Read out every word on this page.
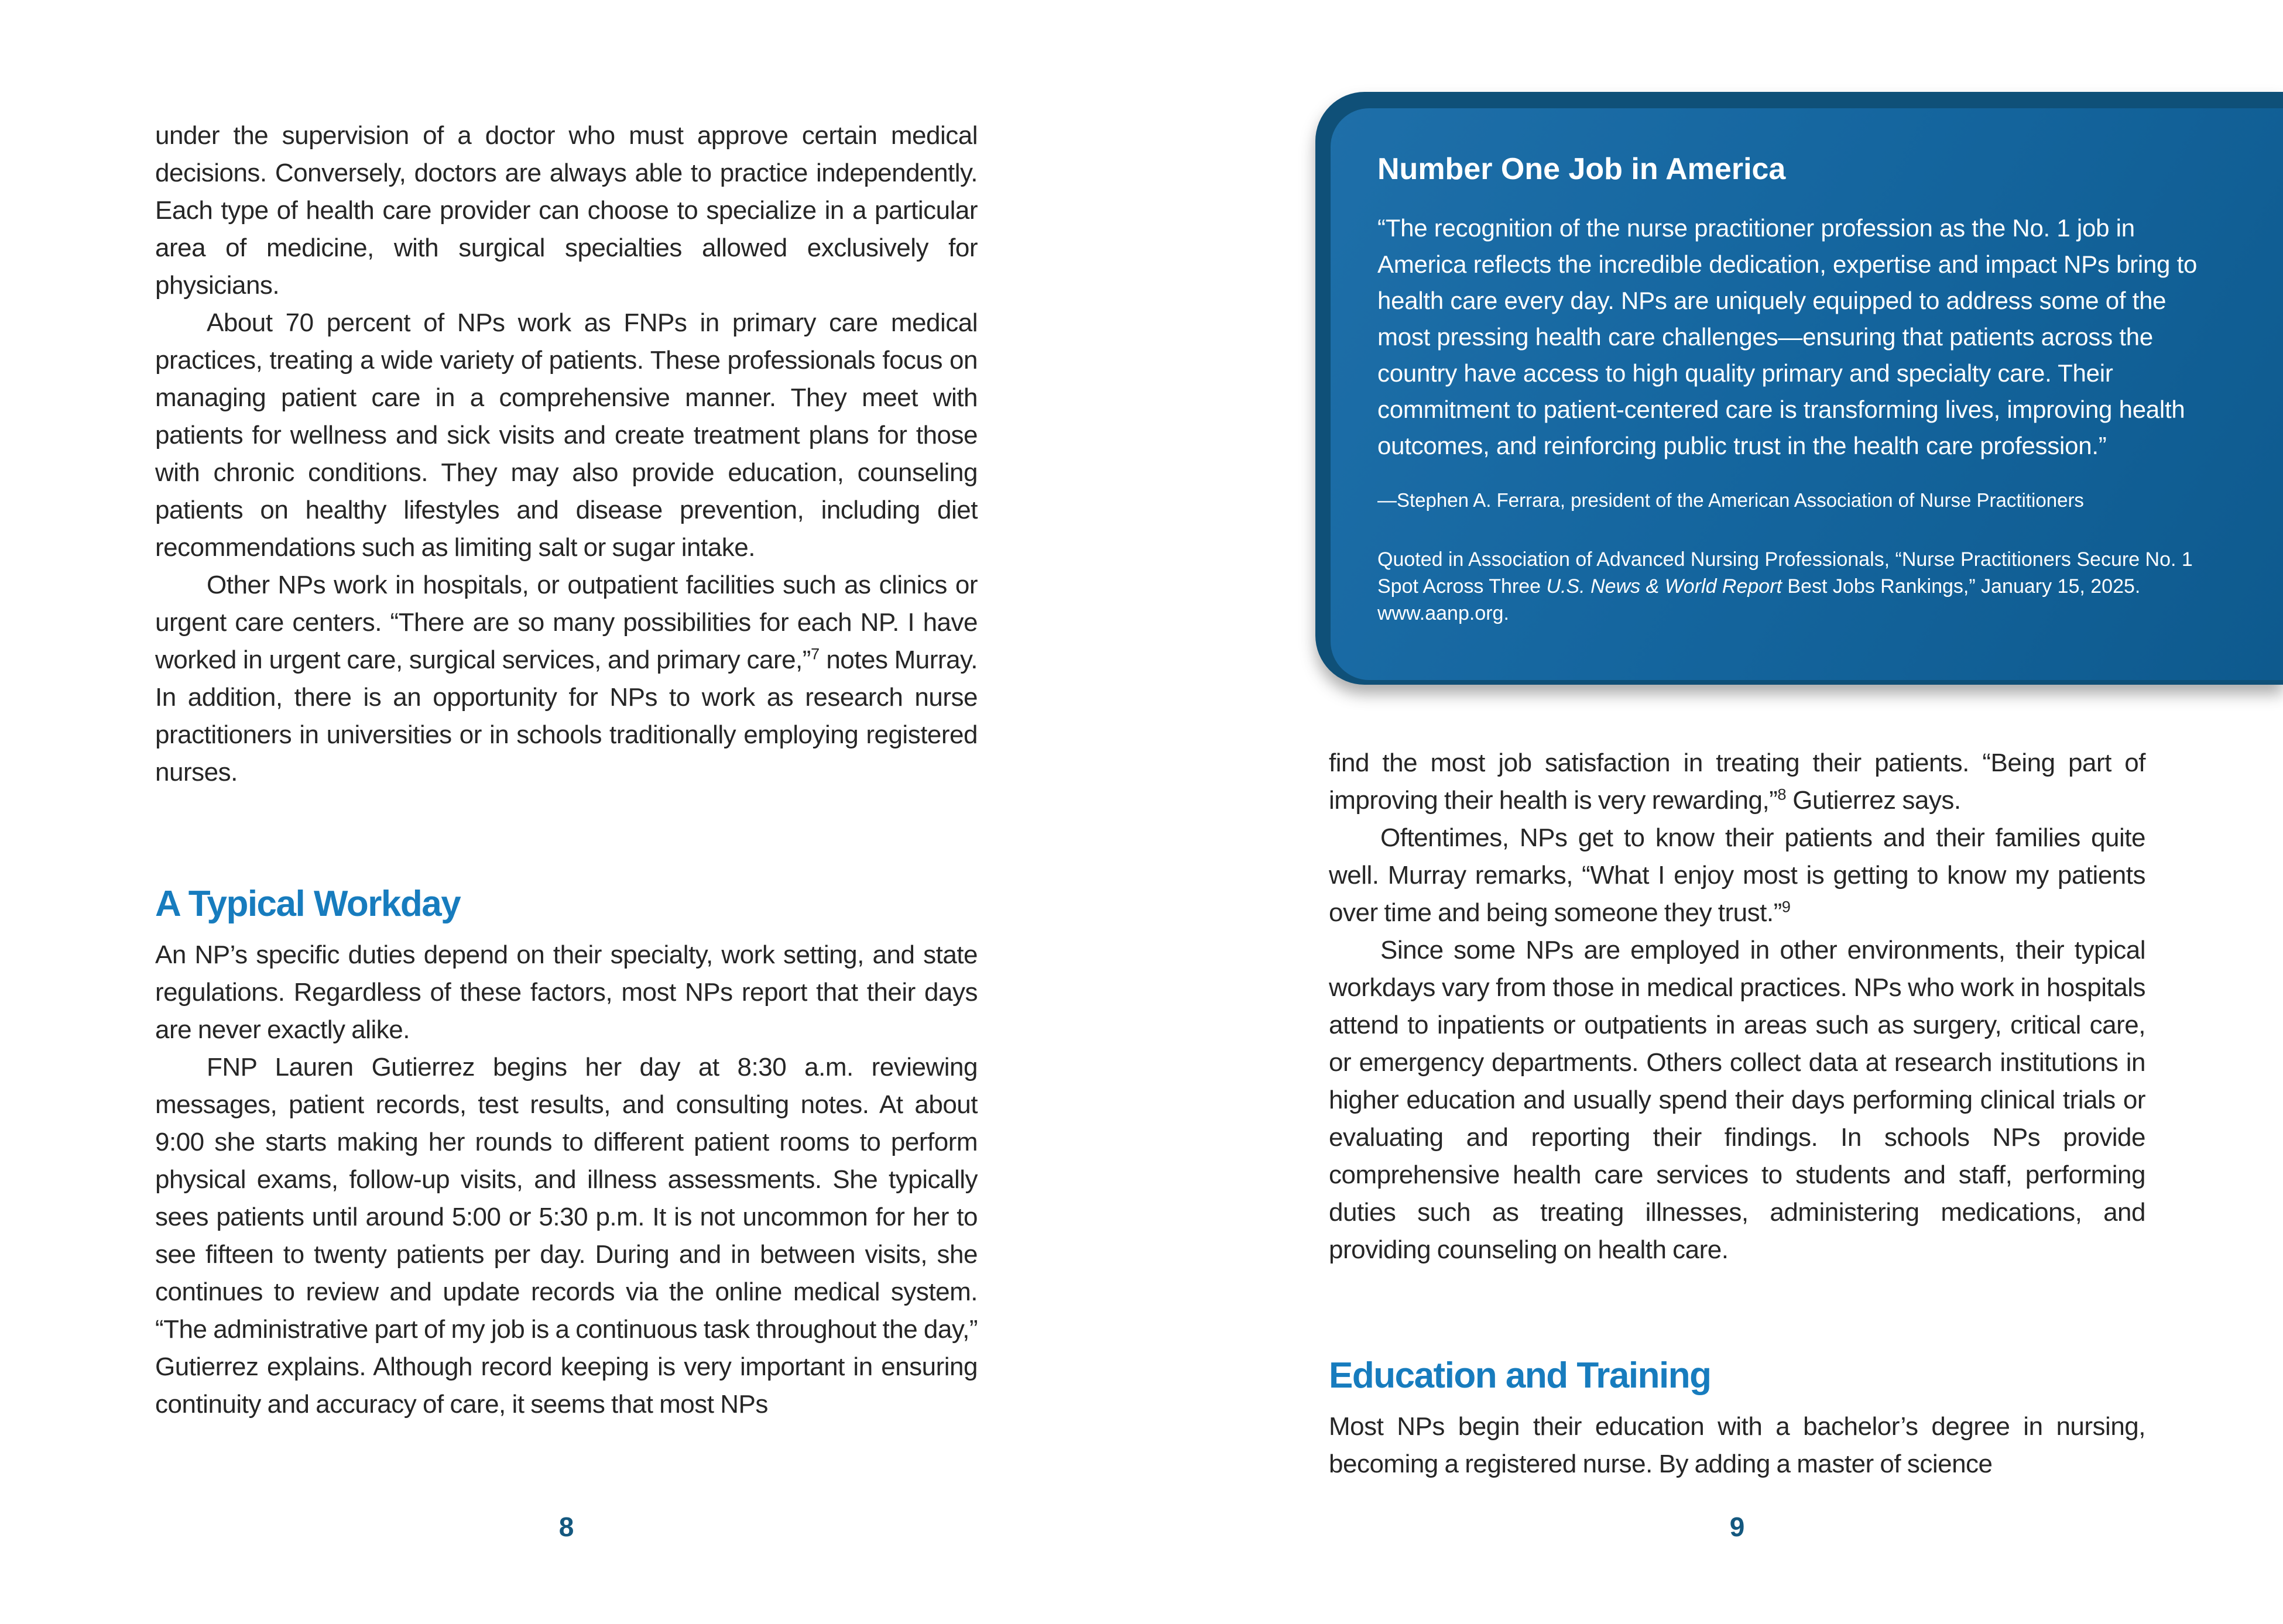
under the supervision of a doctor who must approve certain medical decisions. Conversely, doctors are always able to practice independently. Each type of health care provider can choose to specialize in a particular area of medicine, with surgical specialties allowed exclusively for physicians.

About 70 percent of NPs work as FNPs in primary care medical practices, treating a wide variety of patients. These professionals focus on managing patient care in a comprehensive manner. They meet with patients for wellness and sick visits and create treatment plans for those with chronic conditions. They may also provide education, counseling patients on healthy lifestyles and disease prevention, including diet recommendations such as limiting salt or sugar intake.

Other NPs work in hospitals, or outpatient facilities such as clinics or urgent care centers. “There are so many possibilities for each NP. I have worked in urgent care, surgical services, and primary care,”$^7$ notes Murray. In addition, there is an opportunity for NPs to work as research nurse practitioners in universities or in schools traditionally employing registered nurses.

A Typical Workday

An NP’s specific duties depend on their specialty, work setting, and state regulations. Regardless of these factors, most NPs report that their days are never exactly alike.

FNP Lauren Gutierrez begins her day at 8:30 a.m. reviewing messages, patient records, test results, and consulting notes. At about 9:00 she starts making her rounds to different patient rooms to perform physical exams, follow-up visits, and illness assessments. She typically sees patients until around 5:00 or 5:30 p.m. It is not uncommon for her to see fifteen to twenty patients per day. During and in between visits, she continues to review and update records via the online medical system. “The administrative part of my job is a continuous task throughout the day,” Gutierrez explains. Although record keeping is very important in ensuring continuity and accuracy of care, it seems that most NPs

8
Number One Job in America

“The recognition of the nurse practitioner profession as the No. 1 job in America reflects the incredible dedication, expertise and impact NPs bring to health care every day. NPs are uniquely equipped to address some of the most pressing health care challenges—ensuring that patients across the country have access to high quality primary and specialty care. Their commitment to patient-centered care is transforming lives, improving health outcomes, and reinforcing public trust in the health care profession.”

—Stephen A. Ferrara, president of the American Association of Nurse Practitioners

Quoted in Association of Advanced Nursing Professionals, “Nurse Practitioners Secure No. 1 Spot Across Three U.S. News & World Report Best Jobs Rankings,” January 15, 2025. www.aanp.org.

find the most job satisfaction in treating their patients. “Being part of improving their health is very rewarding,”$^8$ Gutierrez says.

Oftentimes, NPs get to know their patients and their families quite well. Murray remarks, “What I enjoy most is getting to know my patients over time and being someone they trust.”$^9$

Since some NPs are employed in other environments, their typical workdays vary from those in medical practices. NPs who work in hospitals attend to inpatients or outpatients in areas such as surgery, critical care, or emergency departments. Others collect data at research institutions in higher education and usually spend their days performing clinical trials or evaluating and reporting their findings. In schools NPs provide comprehensive health care services to students and staff, performing duties such as treating illnesses, administering medications, and providing counseling on health care.

Education and Training

Most NPs begin their education with a bachelor’s degree in nursing, becoming a registered nurse. By adding a master of science

9
